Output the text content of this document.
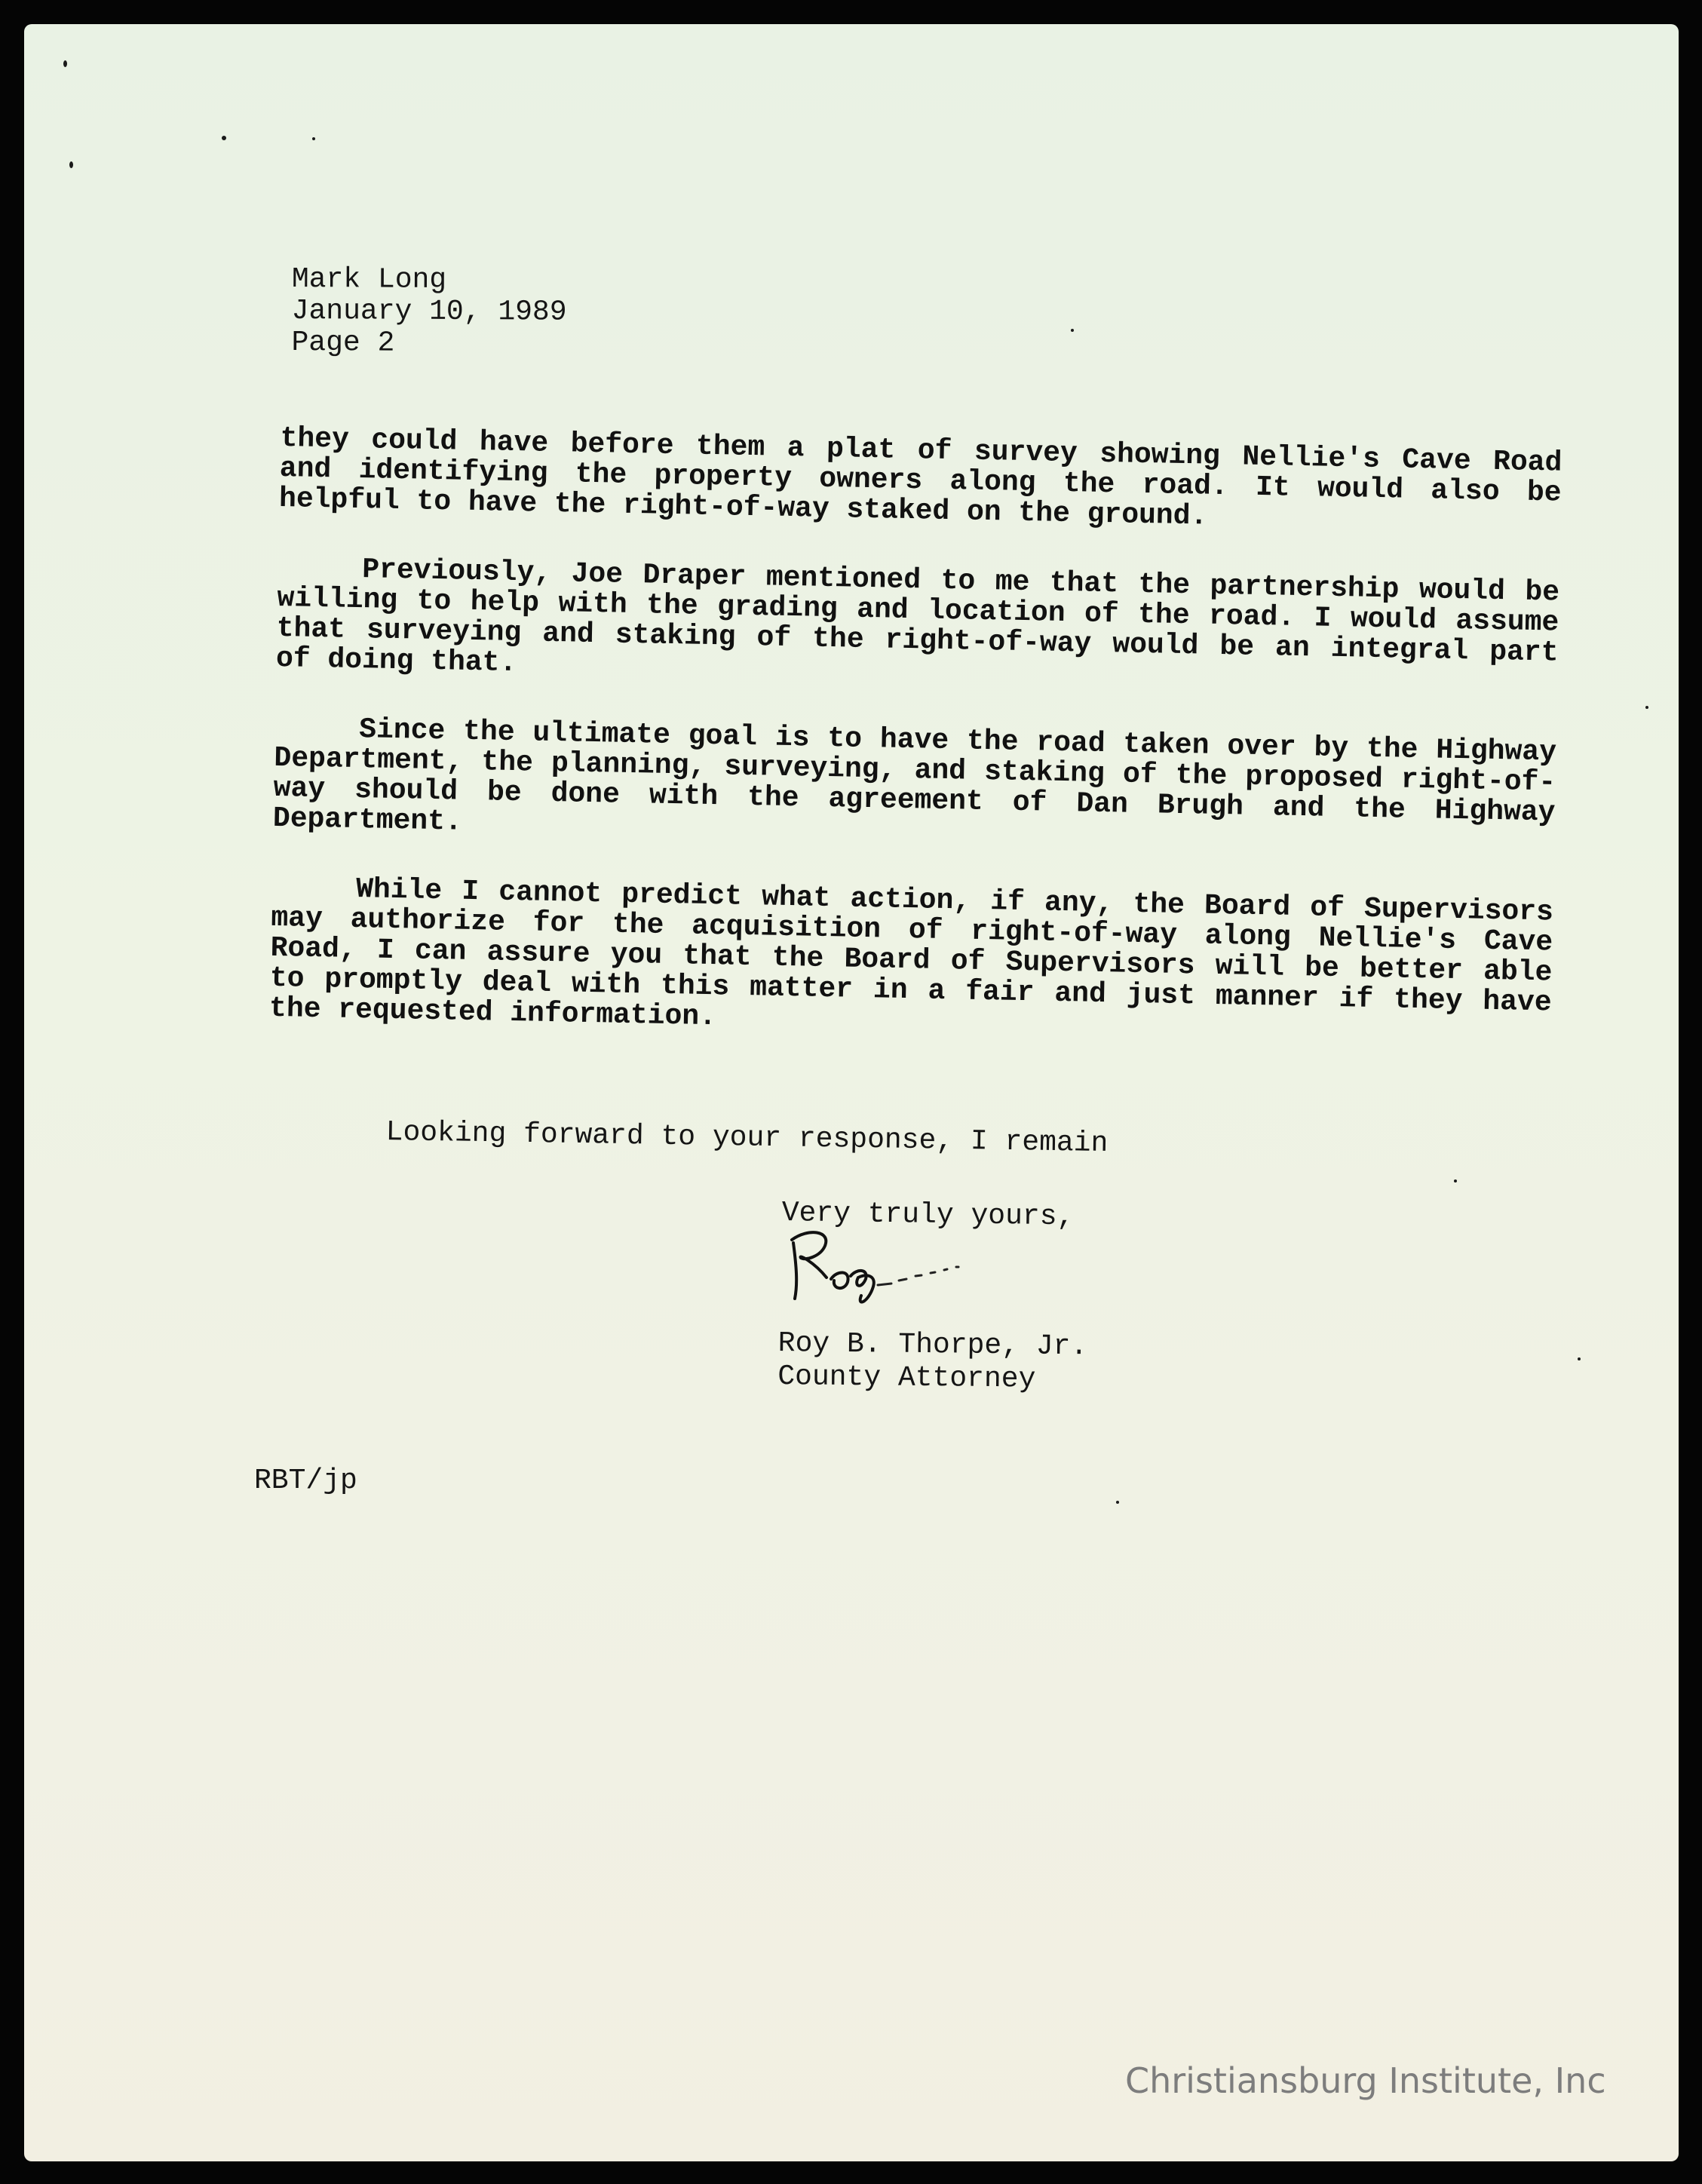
Mark Long
January 10, 1989
Page 2

they could have before them a plat of survey showing Nellie's Cave Road and identifying the property owners along the road. It would also be helpful to have the right-of-way staked on the ground.

Previously, Joe Draper mentioned to me that the partnership would be willing to help with the grading and location of the road. I would assume that surveying and staking of the right-of-way would be an integral part of doing that.

Since the ultimate goal is to have the road taken over by the Highway Department, the planning, surveying, and staking of the proposed right-of-way should be done with the agreement of Dan Brugh and the Highway Department.

While I cannot predict what action, if any, the Board of Supervisors may authorize for the acquisition of right-of-way along Nellie's Cave Road, I can assure you that the Board of Supervisors will be better able to promptly deal with this matter in a fair and just manner if they have the requested information.

Looking forward to your response, I remain
Very truly yours,
Roy B. Thorpe, Jr.
County Attorney
RBT/jp
Christiansburg Institute, Inc
